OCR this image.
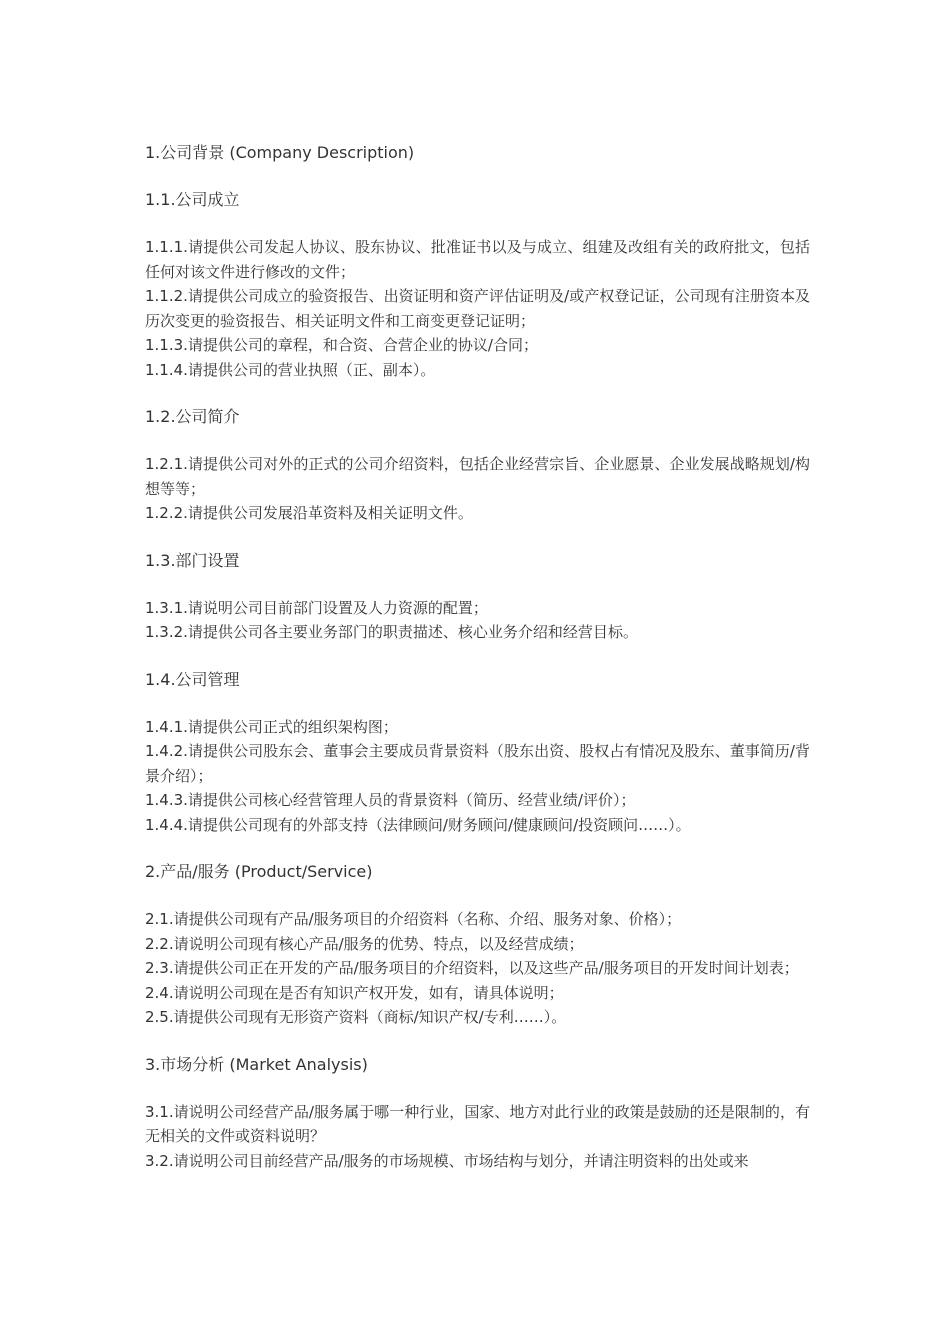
1.公司背景 (Company Description)

1.1.公司成立

1.1.1.请提供公司发起人协议、股东协议、批准证书以及与成立、组建及改组有关的政府批文，包括任何对该文件进行修改的文件；

1.1.2.请提供公司成立的验资报告、出资证明和资产评估证明及/或产权登记证，公司现有注册资本及历次变更的验资报告、相关证明文件和工商变更登记证明；

1.1.3.请提供公司的章程，和合资、合营企业的协议/合同；

1.1.4.请提供公司的营业执照（正、副本）。

1.2.公司简介

1.2.1.请提供公司对外的正式的公司介绍资料，包括企业经营宗旨、企业愿景、企业发展战略规划/构想等等；

1.2.2.请提供公司发展沿革资料及相关证明文件。

1.3.部门设置

1.3.1.请说明公司目前部门设置及人力资源的配置；

1.3.2.请提供公司各主要业务部门的职责描述、核心业务介绍和经营目标。

1.4.公司管理

1.4.1.请提供公司正式的组织架构图；

1.4.2.请提供公司股东会、董事会主要成员背景资料（股东出资、股权占有情况及股东、董事简历/背景介绍）；

1.4.3.请提供公司核心经营管理人员的背景资料（简历、经营业绩/评价）；

1.4.4.请提供公司现有的外部支持（法律顾问/财务顾问/健康顾问/投资顾问……）。

2.产品/服务 (Product/Service)

2.1.请提供公司现有产品/服务项目的介绍资料（名称、介绍、服务对象、价格）；

2.2.请说明公司现有核心产品/服务的优势、特点，以及经营成绩；

2.3.请提供公司正在开发的产品/服务项目的介绍资料，以及这些产品/服务项目的开发时间计划表；

2.4.请说明公司现在是否有知识产权开发，如有，请具体说明；

2.5.请提供公司现有无形资产资料（商标/知识产权/专利……）。

3.市场分析 (Market Analysis)

3.1.请说明公司经营产品/服务属于哪一种行业，国家、地方对此行业的政策是鼓励的还是限制的，有无相关的文件或资料说明？

3.2.请说明公司目前经营产品/服务的市场规模、市场结构与划分，并请注明资料的出处或来
